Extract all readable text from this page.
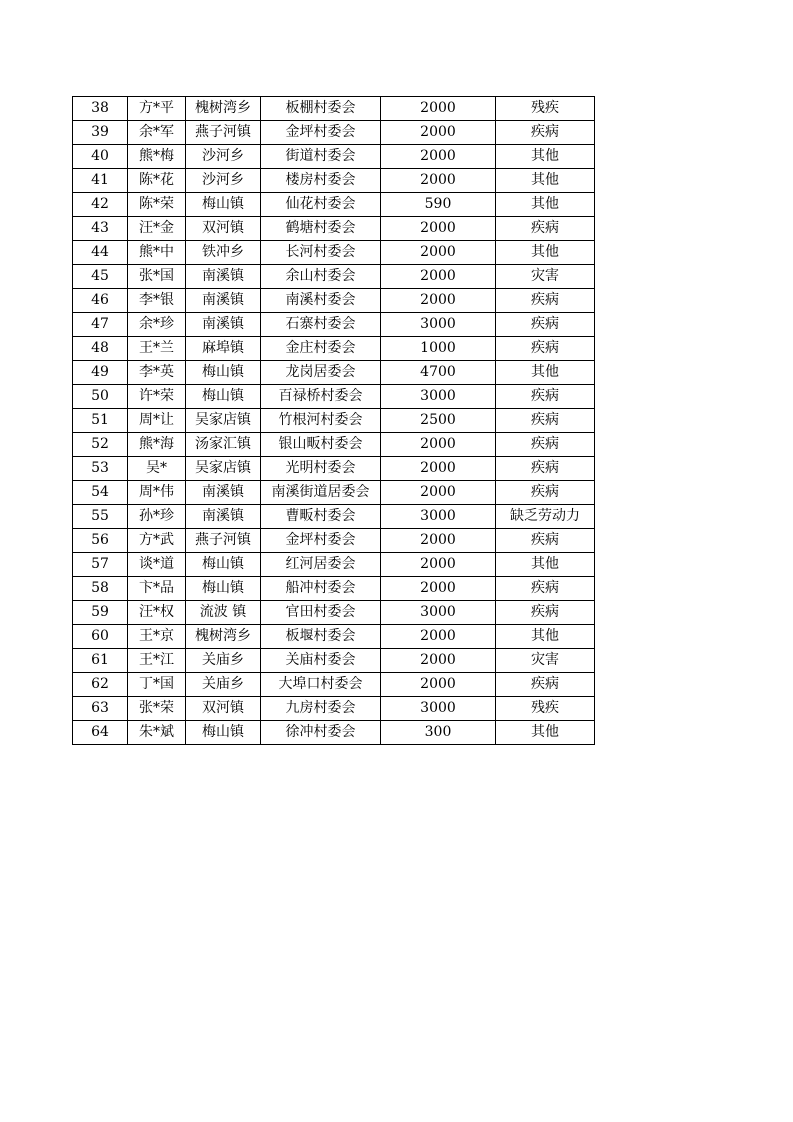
38	方*平	槐树湾乡	板棚村委会	2000	残疾
39	余*军	燕子河镇	金坪村委会	2000	疾病
40	熊*梅	沙河乡	街道村委会	2000	其他
41	陈*花	沙河乡	楼房村委会	2000	其他
42	陈*荣	梅山镇	仙花村委会	590	其他
43	汪*金	双河镇	鹤塘村委会	2000	疾病
44	熊*中	铁冲乡	长河村委会	2000	其他
45	张*国	南溪镇	余山村委会	2000	灾害
46	李*银	南溪镇	南溪村委会	2000	疾病
47	余*珍	南溪镇	石寨村委会	3000	疾病
48	王*兰	麻埠镇	金庄村委会	1000	疾病
49	李*英	梅山镇	龙岗居委会	4700	其他
50	许*荣	梅山镇	百禄桥村委会	3000	疾病
51	周*让	吴家店镇	竹根河村委会	2500	疾病
52	熊*海	汤家汇镇	银山畈村委会	2000	疾病
53	吴*	吴家店镇	光明村委会	2000	疾病
54	周*伟	南溪镇	南溪街道居委会	2000	疾病
55	孙*珍	南溪镇	曹畈村委会	3000	缺乏劳动力
56	方*武	燕子河镇	金坪村委会	2000	疾病
57	谈*道	梅山镇	红河居委会	2000	其他
58	卞*品	梅山镇	船冲村委会	2000	疾病
59	汪*权	流波 镇	官田村委会	3000	疾病
60	王*京	槐树湾乡	板堰村委会	2000	其他
61	王*江	关庙乡	关庙村委会	2000	灾害
62	丁*国	关庙乡	大埠口村委会	2000	疾病
63	张*荣	双河镇	九房村委会	3000	残疾
64	朱*斌	梅山镇	徐冲村委会	300	其他
